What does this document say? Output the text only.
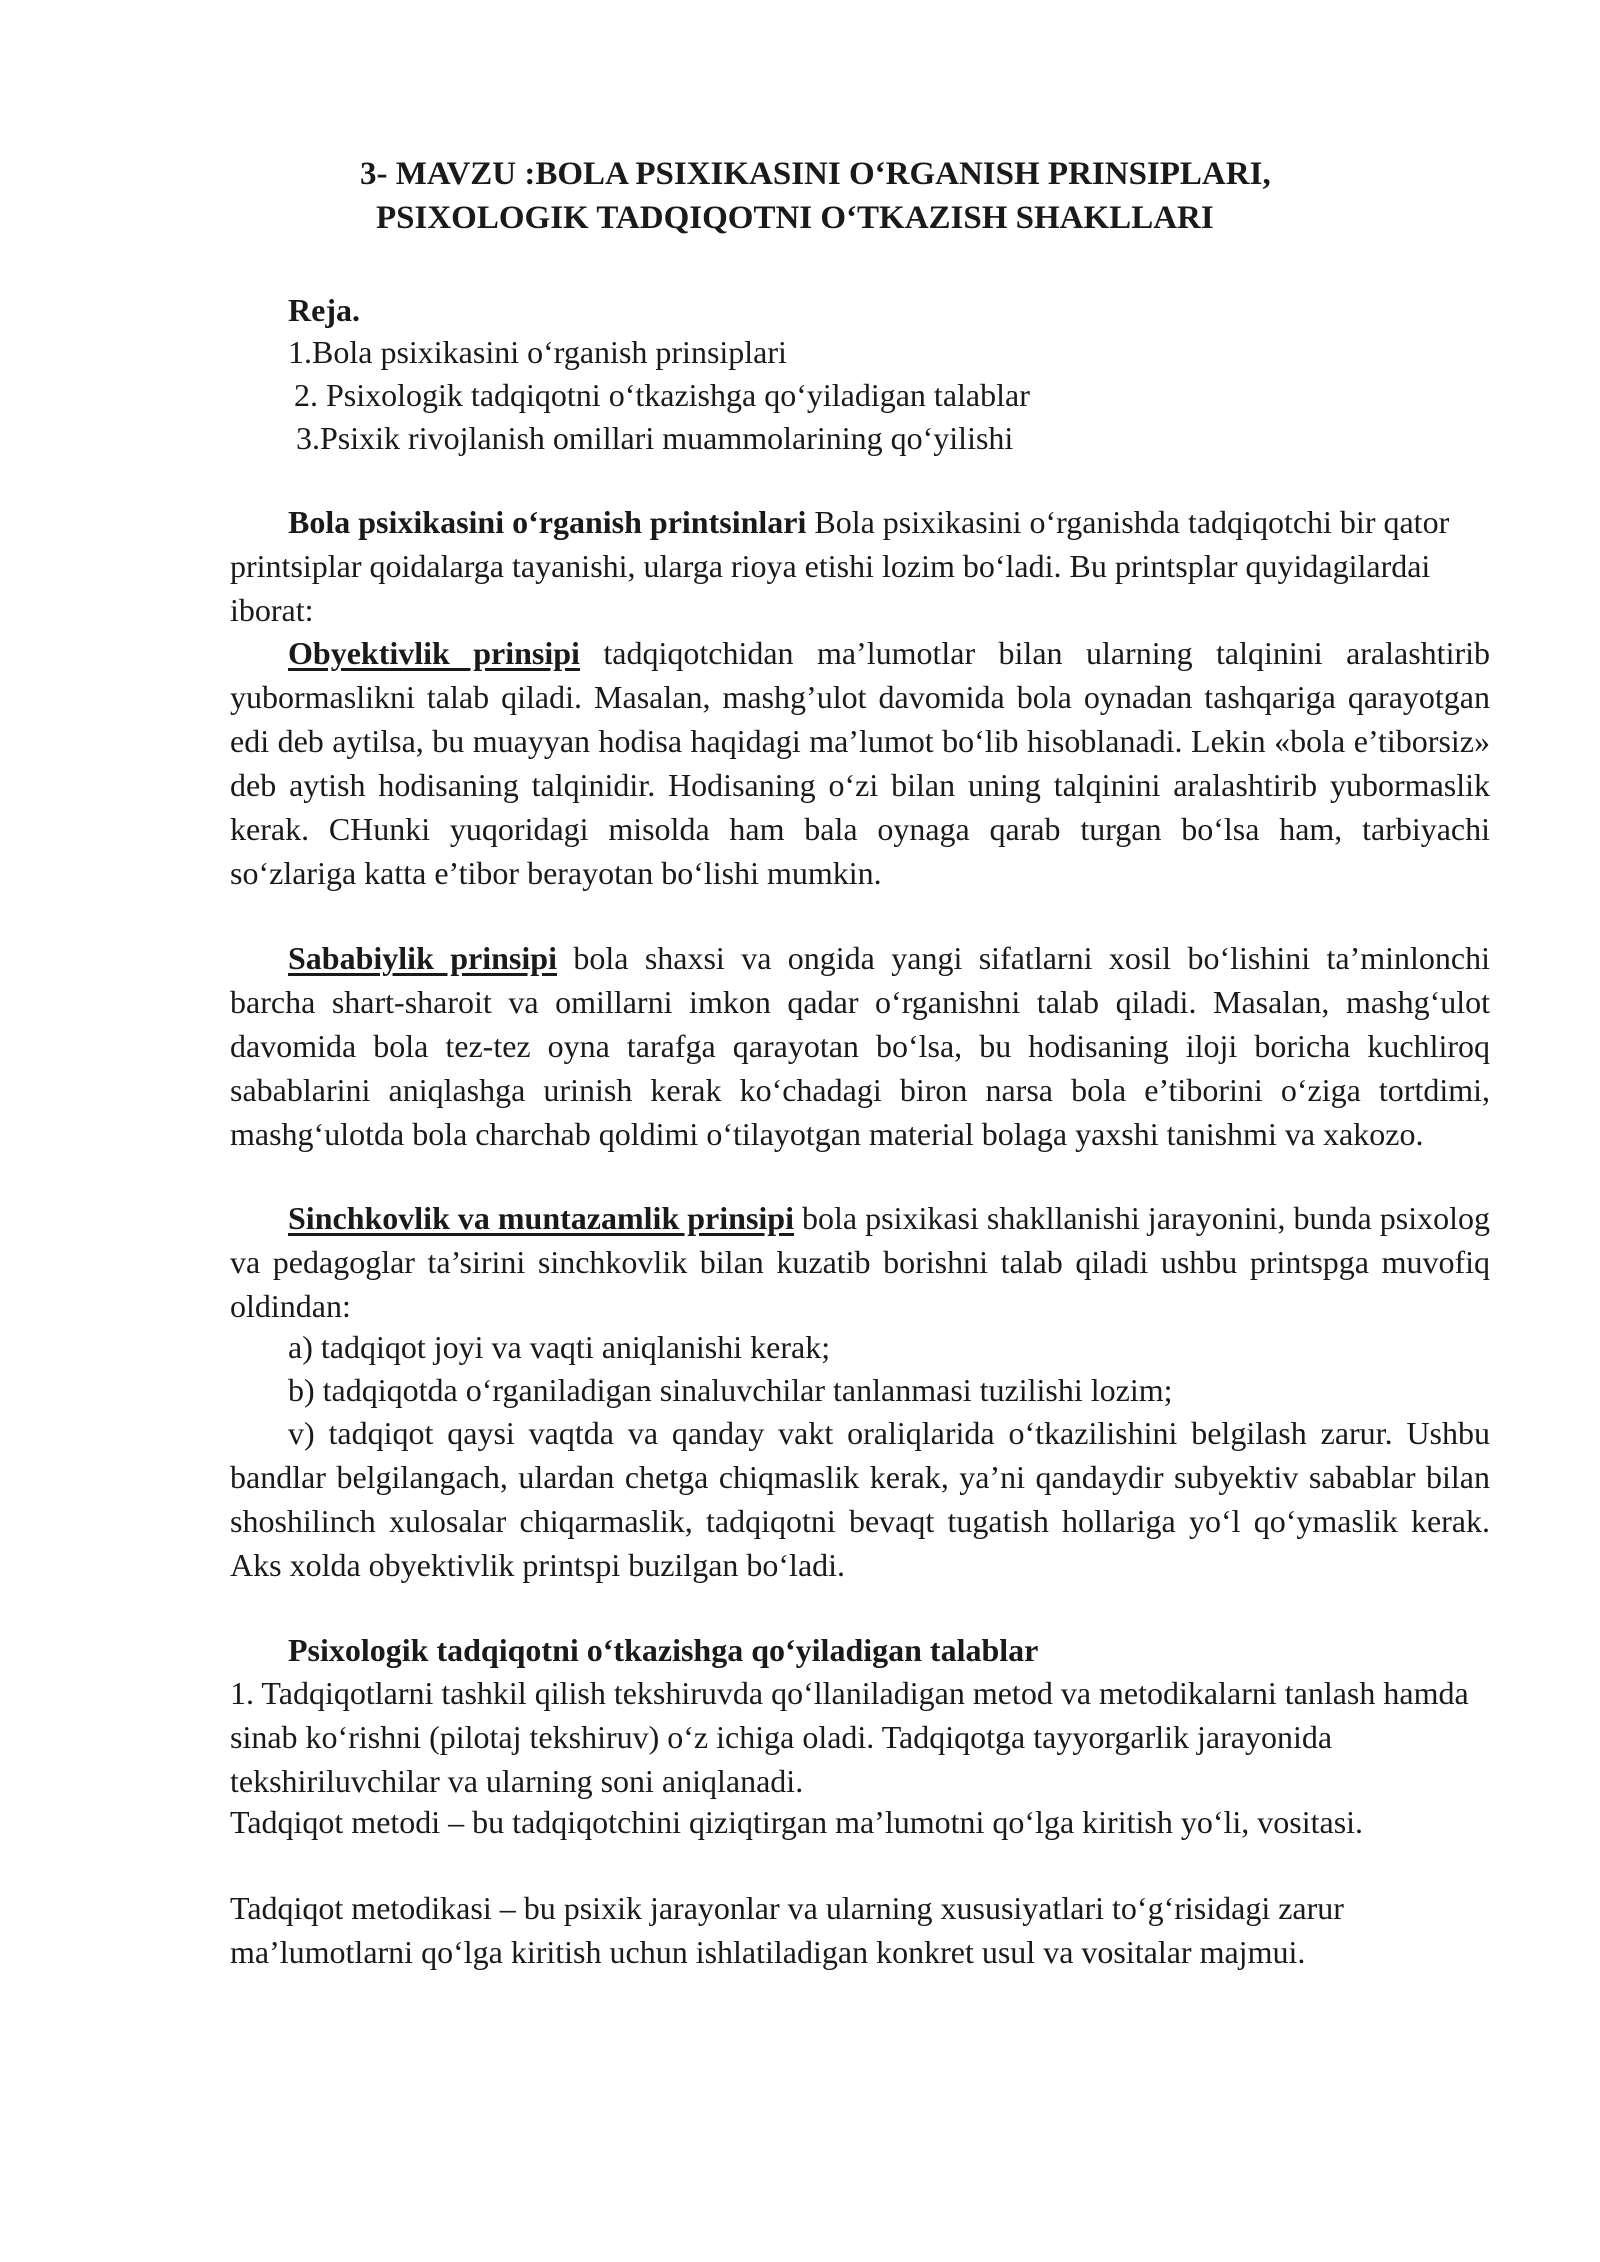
3- MAVZU :BOLA PSIXIKASINI O‘RGANISH PRINSIPLARI,
PSIXOLOGIK TADQIQOTNI O‘TKAZISH SHAKLLARI
Reja.
1.Bola psixikasini o‘rganish prinsiplari
2. Psixologik tadqiqotni o‘tkazishga qo‘yiladigan talablar
3.Psixik rivojlanish omillari muammolarining qo‘yilishi

Bola psixikasini o‘rganish printsinlari Bola psixikasini o‘rganishda tadqiqotchi bir qator printsiplar qoidalarga tayanishi, ularga rioya etishi lozim bo‘ladi. Bu printsplar quyidagilardai iborat:

Obyektivlik prinsipi tadqiqotchidan ma’lumotlar bilan ularning talqinini aralashtirib yubormaslikni talab qiladi. Masalan, mashg’ulot davomida bola oynadan tashqariga qarayotgan edi deb aytilsa, bu muayyan hodisa haqidagi ma’lumot bo‘lib hisoblanadi. Lekin «bola e’tiborsiz» deb aytish hodisaning talqinidir. Hodisaning o‘zi bilan uning talqinini aralashtirib yubormaslik kerak. CHunki yuqoridagi misolda ham bala oynaga qarab turgan bo‘lsa ham, tarbiyachi so‘zlariga katta e’tibor berayotan bo‘lishi mumkin.

Sababiylik prinsipi bola shaxsi va ongida yangi sifatlarni xosil bo‘lishini ta’minlonchi barcha shart-sharoit va omillarni imkon qadar o‘rganishni talab qiladi. Masalan, mashg‘ulot davomida bola tez-tez oyna tarafga qarayotan bo‘lsa, bu hodisaning iloji boricha kuchliroq sabablarini aniqlashga urinish kerak ko‘chadagi biron narsa bola e’tiborini o‘ziga tortdimi, mashg‘ulotda bola charchab qoldimi o‘tilayotgan material bolaga yaxshi tanishmi va xakozo.

Sinchkovlik va muntazamlik prinsipi bola psixikasi shakllanishi jarayonini, bunda psixolog va pedagoglar ta’sirini sinchkovlik bilan kuzatib borishni talab qiladi ushbu printspga muvofiq oldindan:

a) tadqiqot joyi va vaqti aniqlanishi kerak;
b) tadqiqotda o‘rganiladigan sinaluvchilar tanlanmasi tuzilishi lozim;

v) tadqiqot qaysi vaqtda va qanday vakt oraliqlarida o‘tkazilishini belgilash zarur. Ushbu bandlar belgilangach, ulardan chetga chiqmaslik kerak, ya’ni qandaydir subyektiv sabablar bilan shoshilinch xulosalar chiqarmaslik, tadqiqotni bevaqt tugatish hollariga yo‘l qo‘ymaslik kerak. Aks xolda obyektivlik printspi buzilgan bo‘ladi.

Psixologik tadqiqotni o‘tkazishga qo‘yiladigan talablar

1. Tadqiqotlarni tashkil qilish tekshiruvda qo‘llaniladigan metod va metodikalarni tanlash hamda sinab ko‘rishni (pilotaj tekshiruv) o‘z ichiga oladi. Tadqiqotga tayyorgarlik jarayonida tekshiriluvchilar va ularning soni aniqlanadi.

Tadqiqot metodi – bu tadqiqotchini qiziqtirgan ma’lumotni qo‘lga kiritish yo‘li, vositasi.

Tadqiqot metodikasi – bu psixik jarayonlar va ularning xususiyatlari to‘g‘risidagi zarur ma’lumotlarni qo‘lga kiritish uchun ishlatiladigan konkret usul va vositalar majmui.
